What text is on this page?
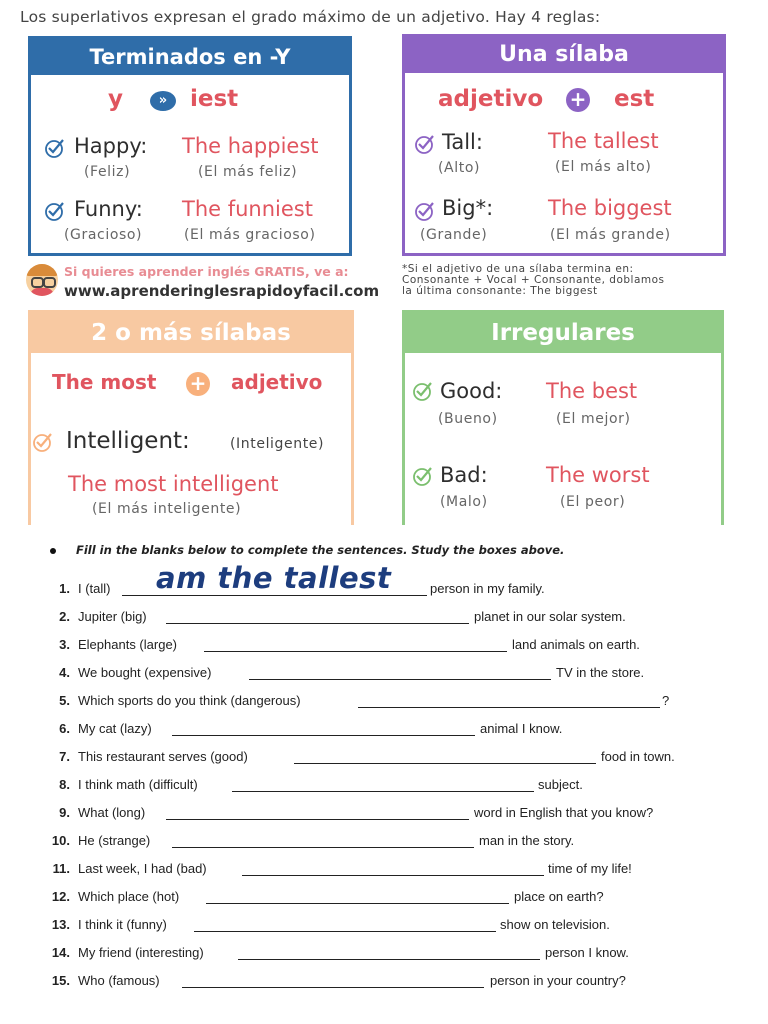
Los superlativos expresan el grado máximo de un adjetivo. Hay 4 reglas:
Terminados en -Y
y	» iest
Happy: The happiest
(Feliz)	(El más feliz)
Funny: The funniest
(Gracioso)	(El más gracioso)
Una sílaba
adjetivo + est
Tall:	The tallest
(Alto)	(El más alto)
Big*:	The biggest
(Grande)	(El más grande)
Si quieres aprender inglés GRATIS, ve a:
www.aprenderinglesrapidoyfacil.com
*Si el adjetivo de una sílaba termina en:
Consonante + Vocal + Consonante, doblamos
la última consonante: The biggest
2 o más sílabas
The most + adjetivo
Intelligent:	(Inteligente)
The most intelligent
(El más inteligente)
Irregulares
Good: The best
(Bueno)	(El mejor)
Bad:	The worst
(Malo)	(El peor)
Fill in the blanks below to complete the sentences. Study the boxes above.
am the tallest
1. I (tall)	person in my family.
2. Jupiter (big)	planet in our solar system.
3. Elephants (large)	land animals on earth.
4. We bought (expensive)	TV in the store.
5. Which sports do you think (dangerous)	?
6. My cat (lazy)	animal I know.
7. This restaurant serves (good)	food in town.
8. I think math (difficult)	subject.
9. What (long)	word in English that you know?
10. He (strange)	man in the story.
11. Last week, I had (bad)	time of my life!
12. Which place (hot)	place on earth?
13. I think it (funny)	show on television.
14. My friend (interesting)	person I know.
15. Who (famous)	person in your country?
